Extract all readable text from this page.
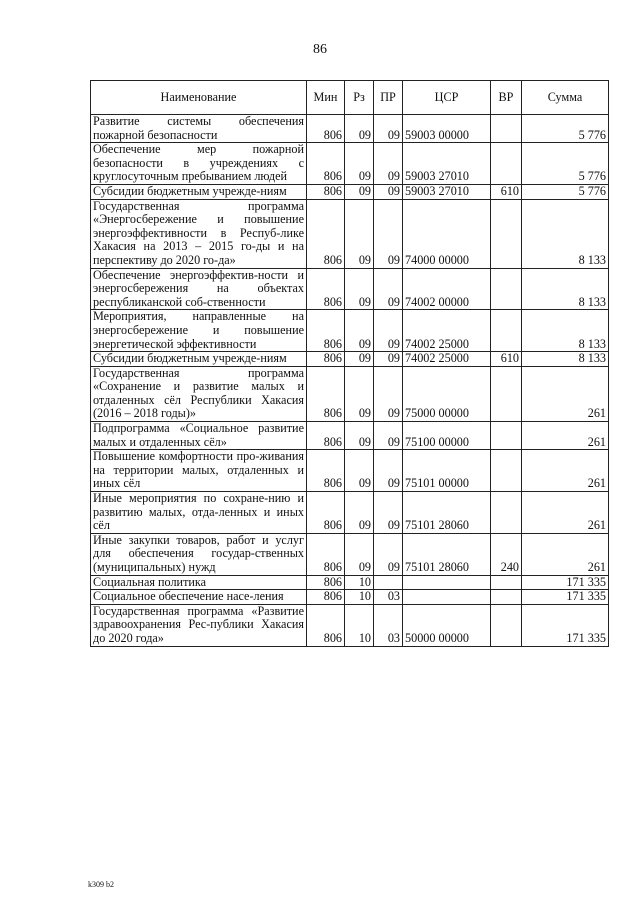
86
Наименование	Мин	Рз	ПР	ЦСР	ВР	Сумма
Развитие системы обеспечения пожарной безопасности	806	09	09	59003 00000		5 776
Обеспечение мер пожарной безопасности в учреждениях с круглосуточным пребыванием людей	806	09	09	59003 27010		5 776
Субсидии бюджетным учрежде-ниям	806	09	09	59003 27010	610	5 776
Государственная программа «Энергосбережение и повышение энергоэффективности в Респуб-лике Хакасия на 2013 – 2015 го-ды и на перспективу до 2020 го-да»	806	09	09	74000 00000		8 133
Обеспечение энергоэффектив-ности и энергосбережения на объектах республиканской соб-ственности	806	09	09	74002 00000		8 133
Мероприятия, направленные на энергосбережение и повышение энергетической эффективности	806	09	09	74002 25000		8 133
Субсидии бюджетным учрежде-ниям	806	09	09	74002 25000	610	8 133
Государственная программа «Сохранение и развитие малых и отдаленных сёл Республики Хакасия (2016 – 2018 годы)»	806	09	09	75000 00000		261
Подпрограмма «Социальное развитие малых и отдаленных сёл»	806	09	09	75100 00000		261
Повышение комфортности про-живания на территории малых, отдаленных и иных сёл	806	09	09	75101 00000		261
Иные мероприятия по сохране-нию и развитию малых, отда-ленных и иных сёл	806	09	09	75101 28060		261
Иные закупки товаров, работ и услуг для обеспечения государ-ственных (муниципальных) нужд	806	09	09	75101 28060	240	261
Социальная политика	806	10				171 335
Социальное обеспечение насе-ления	806	10	03			171 335
Государственная программа «Развитие здравоохранения Рес-публики Хакасия до 2020 года»	806	10	03	50000 00000		171 335
k309 b2
